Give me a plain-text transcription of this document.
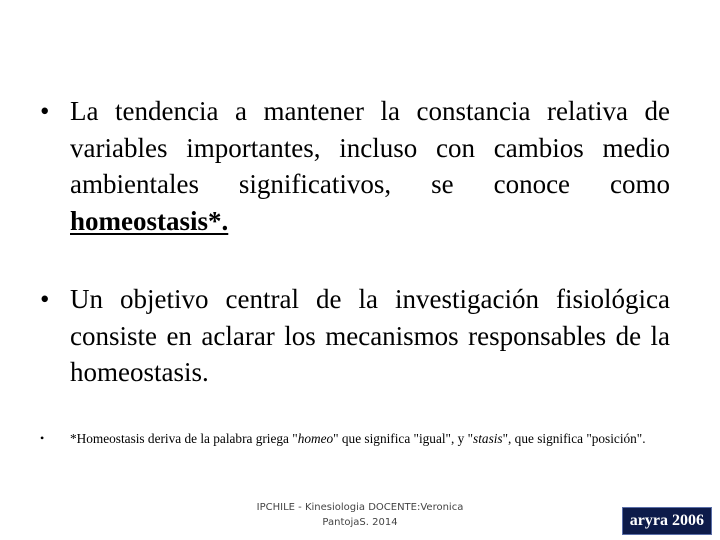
• La tendencia a mantener la constancia relativa de variables importantes, incluso con cambios medio ambientales significativos, se conoce como homeostasis*.
• Un objetivo central de la investigación fisiológica consiste en aclarar los mecanismos responsables de la homeostasis.
• *Homeostasis deriva de la palabra griega "homeo" que significa "igual", y "stasis", que significa "posición".
IPCHILE - Kinesiologia DOCENTE:Veronica
PantojaS. 2014	aryra 2006
